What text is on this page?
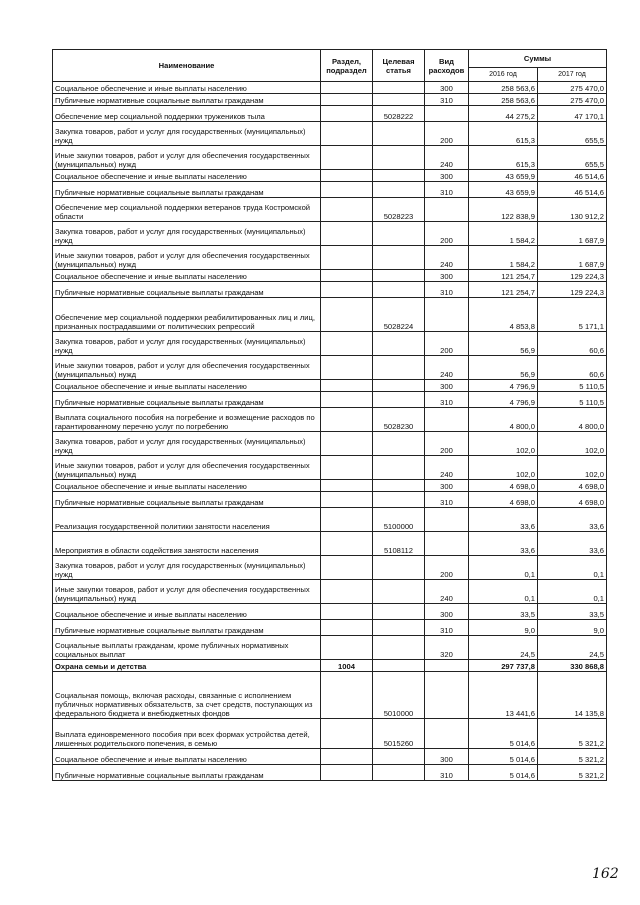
Наименование	Раздел, подраздел	Целевая статья	Вид расходов	Суммы	
				2016 год	2017 год
Социальное обеспечение и иные выплаты населению			300	258 563,6	275 470,0
Публичные нормативные социальные выплаты гражданам			310	258 563,6	275 470,0
Обеспечение мер социальной поддержки тружеников тыла		5028222		44 275,2	47 170,1
Закупка товаров, работ и услуг для государственных (муниципальных) нужд			200	615,3	655,5
Иные закупки товаров, работ и услуг для обеспечения государственных (муниципальных) нужд			240	615,3	655,5
Социальное обеспечение и иные выплаты населению			300	43 659,9	46 514,6
Публичные нормативные социальные выплаты гражданам			310	43 659,9	46 514,6
Обеспечение мер социальной поддержки ветеранов труда Костромской области		5028223		122 838,9	130 912,2
Закупка товаров, работ и услуг для государственных (муниципальных) нужд			200	1 584,2	1 687,9
Иные закупки товаров, работ и услуг для обеспечения государственных (муниципальных) нужд			240	1 584,2	1 687,9
Социальное обеспечение и иные выплаты населению			300	121 254,7	129 224,3
Публичные нормативные социальные выплаты гражданам			310	121 254,7	129 224,3
Обеспечение мер социальной поддержки реабилитированных лиц и лиц, признанных пострадавшими от политических репрессий		5028224		4 853,8	5 171,1
Закупка товаров, работ и услуг для государственных (муниципальных) нужд			200	56,9	60,6
Иные закупки товаров, работ и услуг для обеспечения государственных (муниципальных) нужд			240	56,9	60,6
Социальное обеспечение и иные выплаты населению			300	4 796,9	5 110,5
Публичные нормативные социальные выплаты гражданам			310	4 796,9	5 110,5
Выплата социального пособия на погребение и возмещение расходов по гарантированному перечню услуг по погребению		5028230		4 800,0	4 800,0
Закупка товаров, работ и услуг для государственных (муниципальных) нужд			200	102,0	102,0
Иные закупки товаров, работ и услуг для обеспечения государственных (муниципальных) нужд			240	102,0	102,0
Социальное обеспечение и иные выплаты населению			300	4 698,0	4 698,0
Публичные нормативные социальные выплаты гражданам			310	4 698,0	4 698,0
Реализация государственной политики занятости населения		5100000		33,6	33,6
Мероприятия в области содействия занятости населения		5108112		33,6	33,6
Закупка товаров, работ и услуг для государственных (муниципальных) нужд			200	0,1	0,1
Иные закупки товаров, работ и услуг для обеспечения государственных (муниципальных) нужд			240	0,1	0,1
Социальное обеспечение и иные выплаты населению			300	33,5	33,5
Публичные нормативные социальные выплаты гражданам			310	9,0	9,0
Социальные выплаты гражданам, кроме публичных нормативных социальных выплат			320	24,5	24,5
Охрана семьи и детства	1004			297 737,8	330 868,8
Социальная помощь, включая расходы, связанные с исполнением публичных нормативных обязательств, за счет средств, поступающих из федерального бюджета и внебюджетных фондов		5010000		13 441,6	14 135,8
Выплата единовременного пособия при всех формах устройства детей, лишенных родительского попечения, в семью		5015260		5 014,6	5 321,2
Социальное обеспечение и иные выплаты населению			300	5 014,6	5 321,2
Публичные нормативные социальные выплаты гражданам			310	5 014,6	5 321,2
162
